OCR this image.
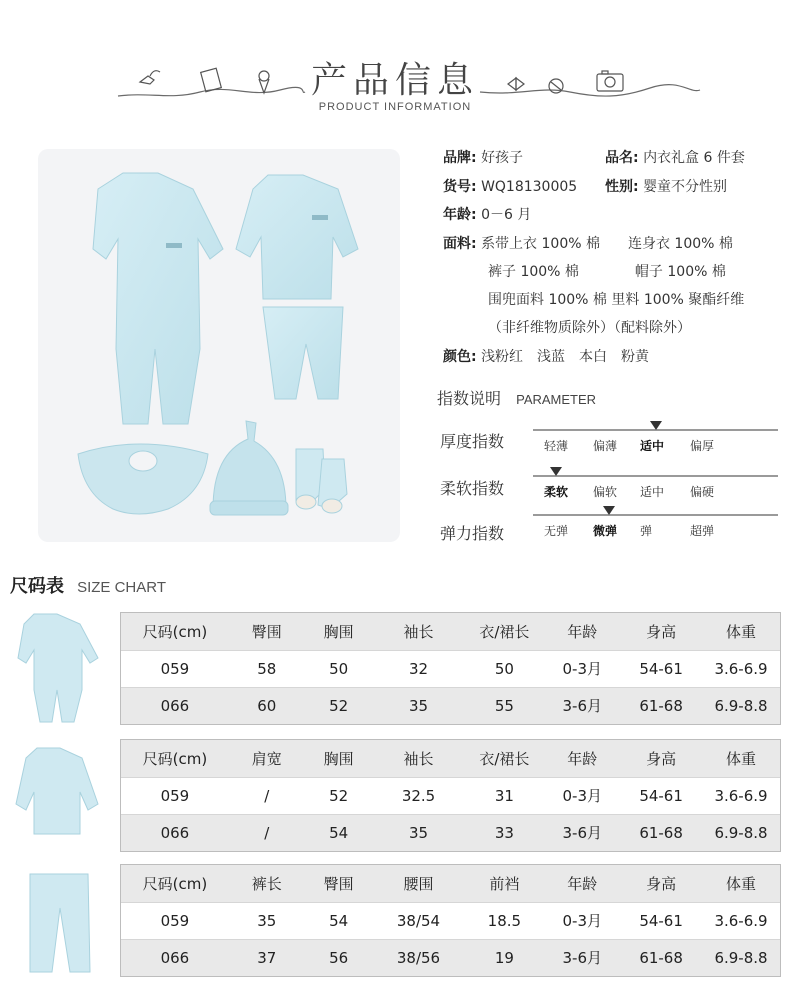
产品信息
PRODUCT INFORMATION
品牌: 好孩子	品名: 内衣礼盒 6 件套
货号: WQ18130005 性别: 婴童不分性别
年龄: 0－6 月
面料: 系带上衣 100% 棉　　连身衣 100% 棉
裤子 100% 棉　　　　帽子 100% 棉
围兜面料 100% 棉 里料 100% 聚酯纤维
（非纤维物质除外）（配料除外）
颜色: 浅粉红　浅蓝　本白　粉黄
指数说明 PARAMETER
厚度指数	轻薄 偏薄 适中 偏厚
柔软指数	柔软 偏软 适中 偏硬
弹力指数	无弹 微弹 弹	超弹
尺码表 SIZE CHART
尺码(cm)	臀围	胸围	袖长	衣/裙长	年龄	身高	体重
059	58	50	32	50	0-3月	54-61	3.6-6.9
066	60	52	35	55	3-6月	61-68	6.9-8.8
尺码(cm)	肩宽	胸围	袖长	衣/裙长	年龄	身高	体重
059	/	52	32.5	31	0-3月	54-61	3.6-6.9
066	/	54	35	33	3-6月	61-68	6.9-8.8
尺码(cm)	裤长	臀围	腰围	前裆	年龄	身高	体重
059	35	54	38/54	18.5	0-3月	54-61	3.6-6.9
066	37	56	38/56	19	3-6月	61-68	6.9-8.8
